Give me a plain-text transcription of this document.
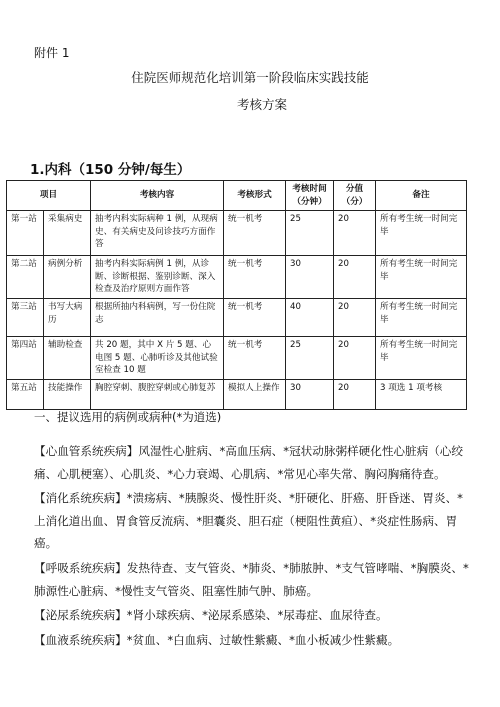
附件 1
住院医师规范化培训第一阶段临床实践技能
考核方案
1.内科（150 分钟/每生）
项目		考核内容	考核形式	考核时间（分钟）	分值（分）	备注
第一站	采集病史	抽考内科实际病种 1 例，从现病史、有关病史及问诊技巧方面作答	统一机考	25	20	所有考生统一时间完毕
第二站	病例分析	抽考内科实际病例 1 例，从诊断、诊断根据、鉴别诊断、深入检查及治疗原则方面作答	统一机考	30	20	所有考生统一时间完毕
第三站	书写大病历	根据所抽内科病例，写一份住院志	统一机考	40	20	所有考生统一时间完毕
第四站	辅助检查	共 20 题，其中 X 片 5 题、心电图 5 题、心肺听诊及其他试验室检查 10 题	统一机考	25	20	所有考生统一时间完毕
第五站	技能操作	胸腔穿刺、腹腔穿刺或心肺复苏	模拟人上操作	30	20	3 项选 1 项考核
一、提议选用的病例或病种(*为逍选)

【心血管系统疾病】风湿性心脏病、*高血压病、*冠状动脉粥样硬化性心脏病（心绞痛、心肌梗塞）、心肌炎、*心力衰竭、心肌病、*常见心率失常、胸闷胸痛待查。

【消化系统疾病】*溃疡病、*胰腺炎、慢性肝炎、*肝硬化、肝癌、肝昏迷、胃炎、*上消化道出血、胃食管反流病、*胆囊炎、胆石症（梗阻性黄疸）、*炎症性肠病、胃癌。

【呼吸系统疾病】发热待查、支气管炎、*肺炎、*肺脓肿、*支气管哮喘、*胸膜炎、*肺源性心脏病、*慢性支气管炎、阻塞性肺气肿、肺癌。

【泌尿系统疾病】*肾小球疾病、*泌尿系感染、*尿毒症、血尿待查。

【血液系统疾病】*贫血、*白血病、过敏性紫癜、*血小板减少性紫癜。
